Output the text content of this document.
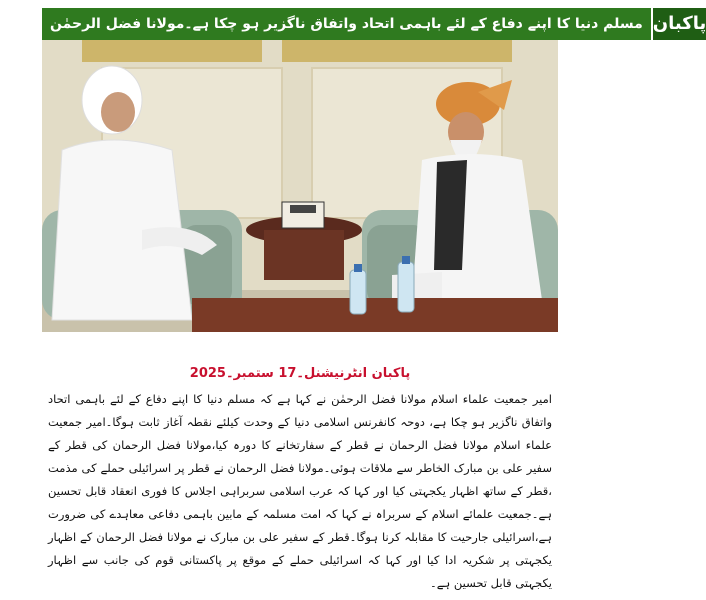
مسلم دنیا کا اپنے دفاع کے لئے باہمی اتحاد واتفاق ناگزیر ہو چکا ہے۔مولانا فضل الرحمٰن پاکبان
پاکبان انٹرنیشنل۔17 ستمبر۔2025
امیر جمعیت علماء اسلام مولانا فضل الرحمٰن نے کہا ہے کہ مسلم دنیا کا اپنے دفاع کے لئے باہمی اتحاد واتفاق ناگزیر ہو چکا ہے، دوحہ کانفرنس اسلامی دنیا کے وحدت کیلئے نقطہ آغاز ثابت ہوگا۔امیر جمعیت علماء اسلام مولانا فضل الرحمان نے قطر کے سفارتخانے کا دورہ کیا،مولانا فضل الرحمان کی قطر کے سفیر علی بن مبارک الخاطر سے ملاقات ہوئی۔مولانا فضل الرحمان نے قطر پر اسرائیلی حملے کی مذمت ،قطر کے ساتھ اظہار یکجہتی کیا اور کہا کہ عرب اسلامی سربراہی اجلاس کا فوری انعقاد قابل تحسین ہے۔جمعیت علمائے اسلام کے سربراہ نے کہا کہ امت مسلمہ کے مابین باہمی دفاعی معاہدے کی ضرورت ہے،اسرائیلی جارحیت کا مقابلہ کرنا ہوگا۔قطر کے سفیر علی بن مبارک نے مولانا فضل الرحمان کے اظہار یکجہتی پر شکریہ ادا کیا اور کہا کہ اسرائیلی حملے کے موقع پر پاکستانی قوم کی جانب سے اظہار یکجہتی قابل تحسین ہے۔
